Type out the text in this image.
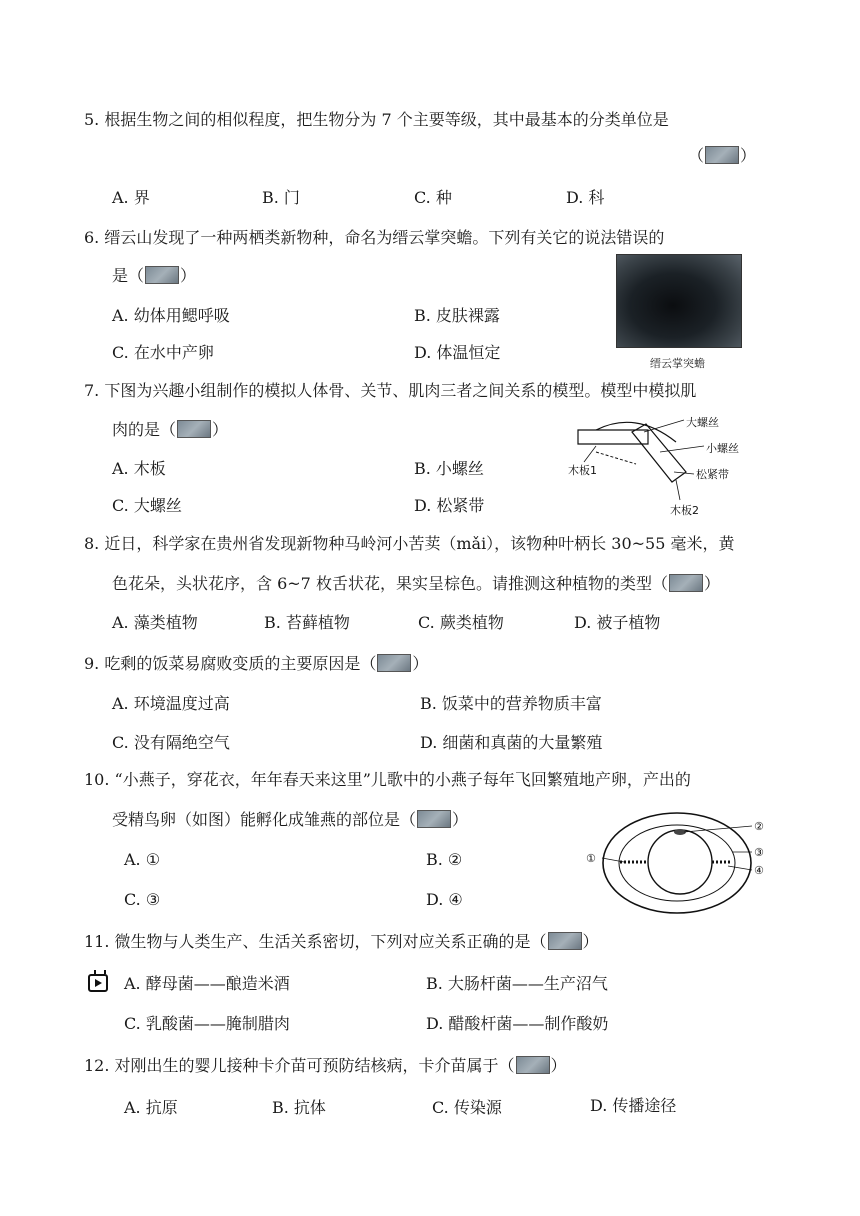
5. 根据生物之间的相似程度，把生物分为 7 个主要等级，其中最基本的分类单位是
（ ）
A. 界	B. 门	C. 种	D. 科
6. 缙云山发现了一种两栖类新物种，命名为缙云掌突蟾。下列有关它的说法错误的
是（ ）
缙云掌突蟾
A. 幼体用鳃呼吸	B. 皮肤裸露
C. 在水中产卵	D. 体温恒定
7. 下图为兴趣小组制作的模拟人体骨、关节、肌肉三者之间关系的模型。模型中模拟肌
肉的是（ ）	大螺丝
小螺丝
木板1	松紧带
木板2
A. 木板	B. 小螺丝
C. 大螺丝	D. 松紧带
8. 近日，科学家在贵州省发现新物种马岭河小苦荬（mǎi），该物种叶柄长 30~55 毫米，黄
色花朵，头状花序，含 6~7 枚舌状花，果实呈棕色。请推测这种植物的类型（ ）
A. 藻类植物	B. 苔藓植物	C. 蕨类植物	D. 被子植物
9. 吃剩的饭菜易腐败变质的主要原因是（ ）
A. 环境温度过高	B. 饭菜中的营养物质丰富
C. 没有隔绝空气	D. 细菌和真菌的大量繁殖
10. “小燕子，穿花衣，年年春天来这里”儿歌中的小燕子每年飞回繁殖地产卵，产出的
受精鸟卵（如图）能孵化成雏燕的部位是（ ）
①
②
③
④
A. ①	B. ②
C. ③	D. ④
11. 微生物与人类生产、生活关系密切，下列对应关系正确的是（ ）
A. 酵母菌——酿造米酒	B. 大肠杆菌——生产沼气
C. 乳酸菌——腌制腊肉	D. 醋酸杆菌——制作酸奶
12. 对刚出生的婴儿接种卡介苗可预防结核病，卡介苗属于（ ）
A. 抗原	B. 抗体	C. 传染源	D. 传播途径
